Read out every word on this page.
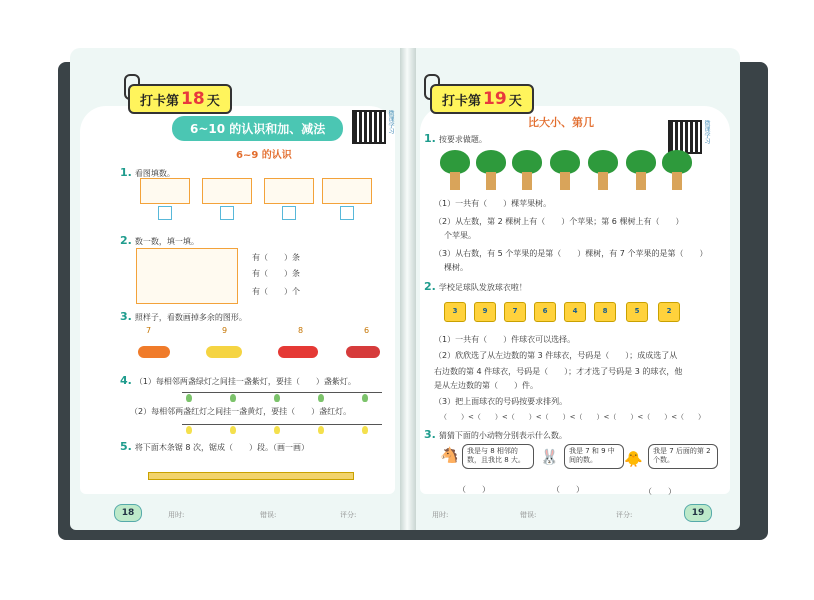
打卡第 18 天
6~10 的认识和加、减法	微课学习
6~9 的认识
1. 看图填数。
2. 数一数，填一填。
有（　　）条
有（　　）条
有（　　）个
3. 照样子，看数画掉多余的图形。
7	9	8	6
4. （1）每相邻两盏绿灯之间挂一盏紫灯，要挂（　　）盏紫灯。
（2）每相邻两盏红灯之间挂一盏黄灯，要挂（　　）盏红灯。
5. 将下面木条锯 8 次，锯成（　　）段。（画一画）
18	用时:	错误:	评分:
打卡第 19 天
比大小、第几	微课学习
1. 按要求做题。
（1）一共有（　　）棵苹果树。
（2）从左数，第 2 棵树上有（　　）个苹果；第 6 棵树上有（　　）
个苹果。
（3）从右数，有 5 个苹果的是第（　　）棵树，有 7 个苹果的是第（　　）
棵树。
2. 学校足球队发放球衣啦！
3	9	7	6	4	8	5	2
（1）一共有（　　）件球衣可以选择。
（2）欣欣选了从左边数的第 3 件球衣，号码是（　　）；成成选了从
右边数的第 4 件球衣，号码是（　　）；才才选了号码是 3 的球衣，他
是从左边数的第（　　）件。
（3）把上面球衣的号码按要求排列。
（　　）<（　　）<（　　）<（　　）<（　　）<（　　）<（　　）<（　　）
3. 猜猜下面的小动物分别表示什么数。
🐴	我是与 8 相邻的数，且我比 8 大。	🐰	我是 7 和 9 中间的数。	🐥	我是 7 后面的第 2 个数。
（　　）	（　　）	（　　）
用时:	错误:	评分:	19
